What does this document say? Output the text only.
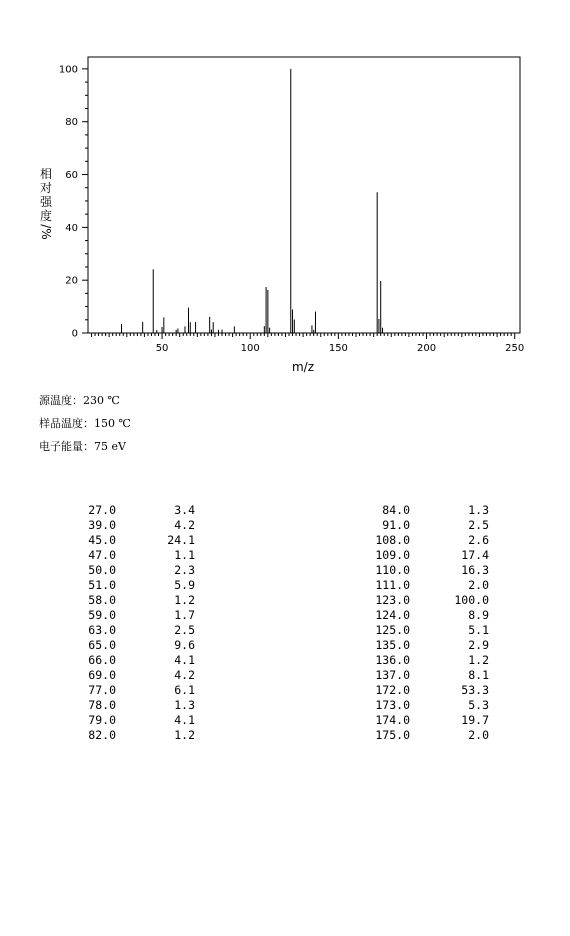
相
对
强
度
/%
50	100	150	200	250
0
20
40
60
80
100
m/z
源温度：230 ℃
样品温度：150 ℃
电子能量：75 eV
27.0	3.4
39.0	4.2
45.0	24.1
47.0	1.1
50.0	2.3
51.0	5.9
58.0	1.2
59.0	1.7
63.0	2.5
65.0	9.6
66.0	4.1
69.0	4.2
77.0	6.1
78.0	1.3
79.0	4.1
82.0	1.2
84.0	1.3
91.0	2.5
108.0	2.6
109.0	17.4
110.0	16.3
111.0	2.0
123.0	100.0
124.0	8.9
125.0	5.1
135.0	2.9
136.0	1.2
137.0	8.1
172.0	53.3
173.0	5.3
174.0	19.7
175.0	2.0
